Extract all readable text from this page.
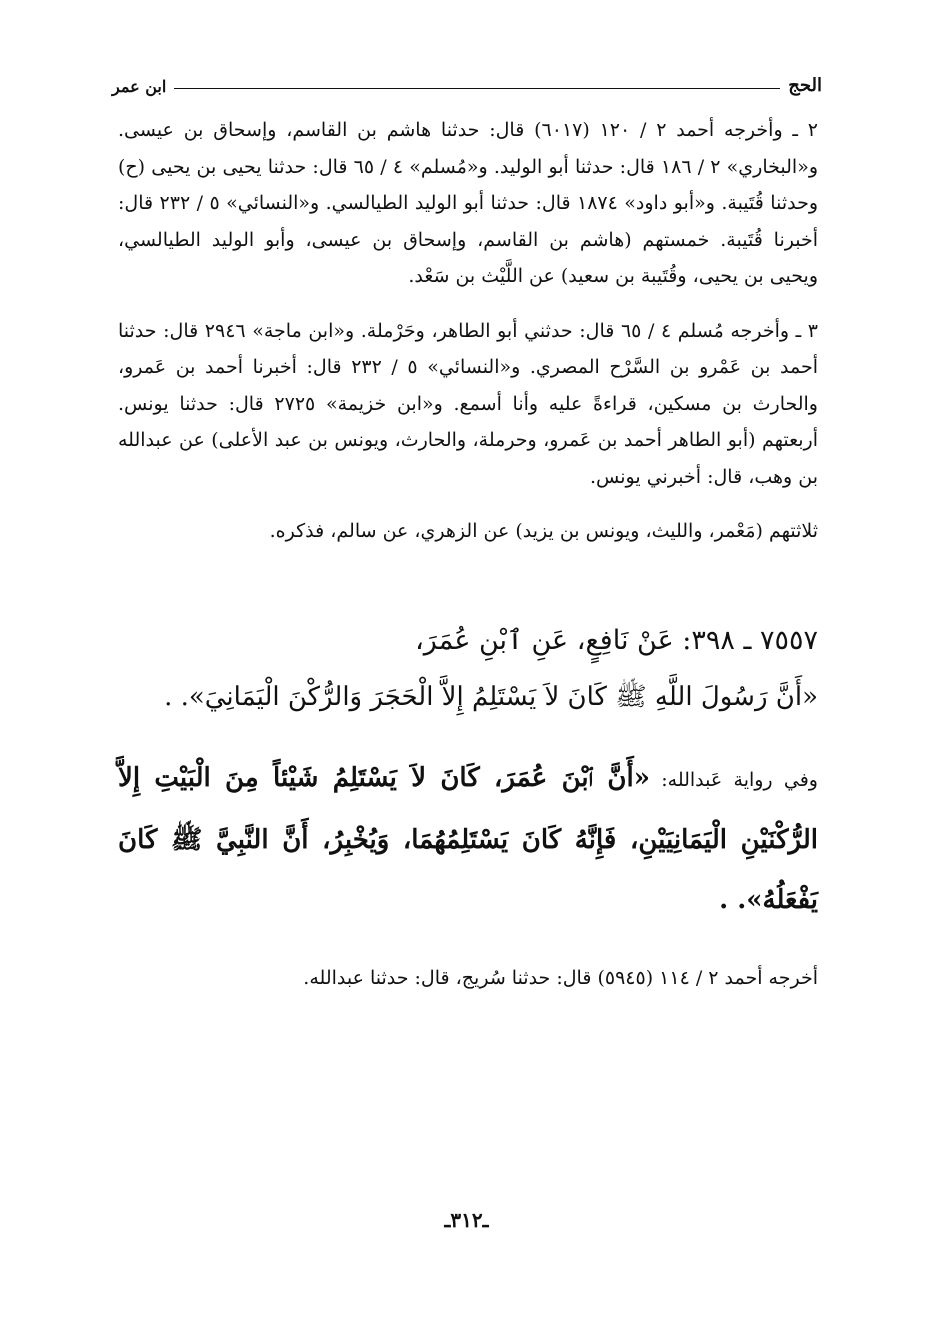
الحج
ابن عمر

٢ ـ وأخرجه أحمد ٢ / ١٢٠ (٦٠١٧) قال: حدثنا هاشم بن القاسم، وإسحاق بن عيسى. و«البخاري» ٢ / ١٨٦ قال: حدثنا أبو الوليد. و«مُسلم» ٤ / ٦٥ قال: حدثنا يحيى بن يحيى (ح) وحدثنا قُتَيبة. و«أبو داود» ١٨٧٤ قال: حدثنا أبو الوليد الطيالسي. و«النسائي» ٥ / ٢٣٢ قال: أخبرنا قُتَيبة. خمستهم (هاشم بن القاسم، وإسحاق بن عيسى، وأبو الوليد الطيالسي، ويحيى بن يحيى، وقُتَيبة بن سعيد) عن اللَّيْث بن سَعْد.

٣ ـ وأخرجه مُسلم ٤ / ٦٥ قال: حدثني أبو الطاهر، وحَرْملة. و«ابن ماجة» ٢٩٤٦ قال: حدثنا أحمد بن عَمْرو بن السَّرْح المصري. و«النسائي» ٥ / ٢٣٢ قال: أخبرنا أحمد بن عَمرو، والحارث بن مسكين، قراءةً عليه وأنا أسمع. و«ابن خزيمة» ٢٧٢٥ قال: حدثنا يونس. أربعتهم (أبو الطاهر أحمد بن عَمرو، وحرملة، والحارث، ويونس بن عبد الأعلى) عن عبدالله بن وهب، قال: أخبرني يونس.

ثلاثتهم (مَعْمر، والليث، ويونس بن يزيد) عن الزهري، عن سالم، فذكره.

٧٥٥٧ ـ ٣٩٨: عَنْ نَافِعٍ، عَنِ ٱبْنِ عُمَرَ،

«أَنَّ رَسُولَ اللَّهِ ﷺ كَانَ لاَ يَسْتَلِمُ إِلاَّ الْحَجَرَ وَالرُّكْنَ الْيَمَانِيَ». .

وفي رواية عَبدالله: «أَنَّ ٱبْنَ عُمَرَ، كَانَ لاَ يَسْتَلِمُ شَيْئاً مِنَ الْبَيْتِ إِلاَّ الرُّكْنَيْنِ الْيَمَانِيَيْنِ، فَإِنَّهُ كَانَ يَسْتَلِمُهُمَا، وَيُخْبِرُ، أَنَّ النَّبِيَّ ﷺ كَانَ يَفْعَلُهُ». .

أخرجه أحمد ٢ / ١١٤ (٥٩٤٥) قال: حدثنا سُريج، قال: حدثنا عبدالله.

ـ٣١٢ـ
